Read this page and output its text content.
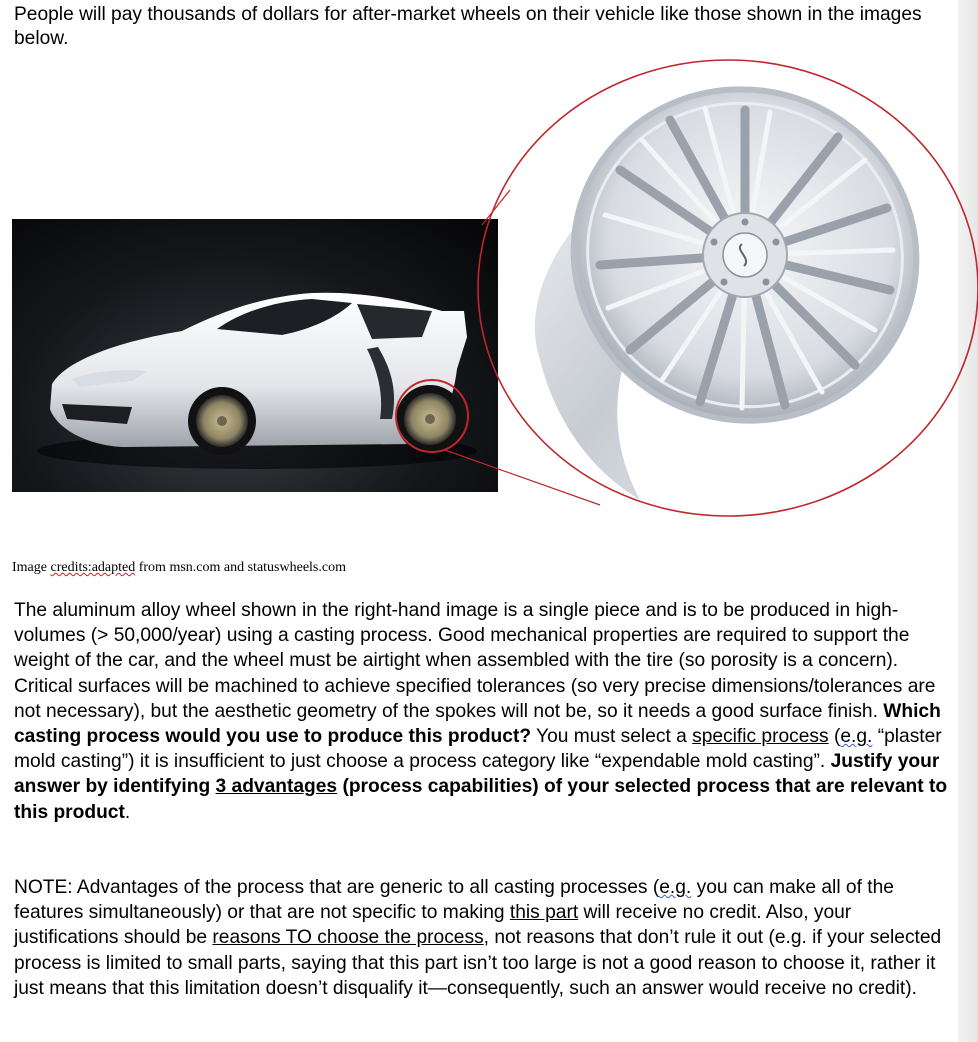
People will pay thousands of dollars for after-market wheels on their vehicle like those shown in the images below.

Image credits:adapted from msn.com and statuswheels.com

The aluminum alloy wheel shown in the right-hand image is a single piece and is to be produced in high-volumes (> 50,000/year) using a casting process. Good mechanical properties are required to support the weight of the car, and the wheel must be airtight when assembled with the tire (so porosity is a concern). Critical surfaces will be machined to achieve specified tolerances (so very precise dimensions/tolerances are not necessary), but the aesthetic geometry of the spokes will not be, so it needs a good surface finish. Which casting process would you use to produce this product? You must select a specific process (e.g. “plaster mold casting”) it is insufficient to just choose a process category like “expendable mold casting”. Justify your answer by identifying 3 advantages (process capabilities) of your selected process that are relevant to this product.

NOTE: Advantages of the process that are generic to all casting processes (e.g. you can make all of the features simultaneously) or that are not specific to making this part will receive no credit. Also, your justifications should be reasons TO choose the process, not reasons that don’t rule it out (e.g. if your selected process is limited to small parts, saying that this part isn’t too large is not a good reason to choose it, rather it just means that this limitation doesn’t disqualify it—consequently, such an answer would receive no credit).
